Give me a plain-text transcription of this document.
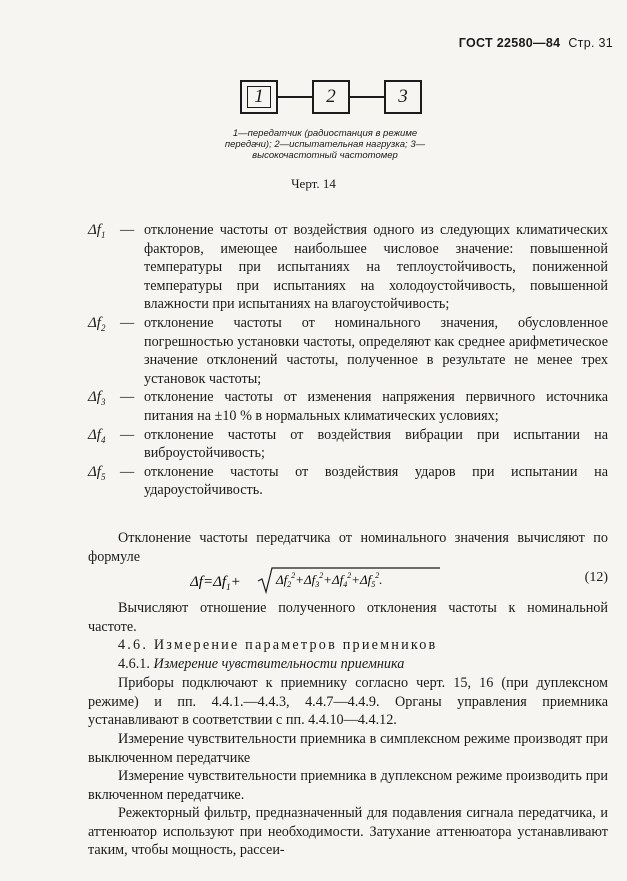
ГОСТ 22580—84 Стр. 31
1	2	3
1—передатчик (радиостанция в режиме передачи); 2—испытательная нагрузка; 3—высокочастотный частотомер
Черт. 14
$\Delta f_1$ — отклонение частоты от воздействия одного из следующих климатических факторов, имеющее наибольшее числовое значение: повышенной температуры при испытаниях на теплоустойчивость, пониженной температуры при испытаниях на холодоустойчивость, повышенной влажности при испытаниях на влагоустойчивость;
$\Delta f_2$ — отклонение частоты от номинального значения, обусловленное погрешностью установки частоты, определяют как среднее арифметическое значение отклонений частоты, полученное в результате не менее трех установок частоты;
$\Delta f_3$ — отклонение частоты от изменения напряжения первичного источника питания на ±10 % в нормальных климатических условиях;
$\Delta f_4$ — отклонение частоты от воздействия вибрации при испытании на виброустойчивость;
$\Delta f_5$ — отклонение частоты от воздействия ударов при испытании на удароустойчивость.
Отклонение частоты передатчика от номинального значения вычисляют по формуле
$\Delta f=\Delta f_1+$	$\Delta f_2^2+\Delta f_3^2+\Delta f_4^2+\Delta f_5^2$.	(12)
Вычисляют отношение полученного отклонения частоты к номинальной частоте.
4.6. Измерение параметров приемников
4.6.1. Измерение чувствительности приемника
Приборы подключают к приемнику согласно черт. 15, 16 (при дуплексном режиме) и пп. 4.4.1.—4.4.3, 4.4.7—4.4.9. Органы управления приемника устанавливают в соответствии с пп. 4.4.10—4.4.12.
Измерение чувствительности приемника в симплексном режиме производят при выключенном передатчике
Измерение чувствительности приемника в дуплексном режиме производить при включенном передатчике.
Режекторный фильтр, предназначенный для подавления сигнала передатчика, и аттенюатор используют при необходимости. Затухание аттенюатора устанавливают таким, чтобы мощность, рассеи-
